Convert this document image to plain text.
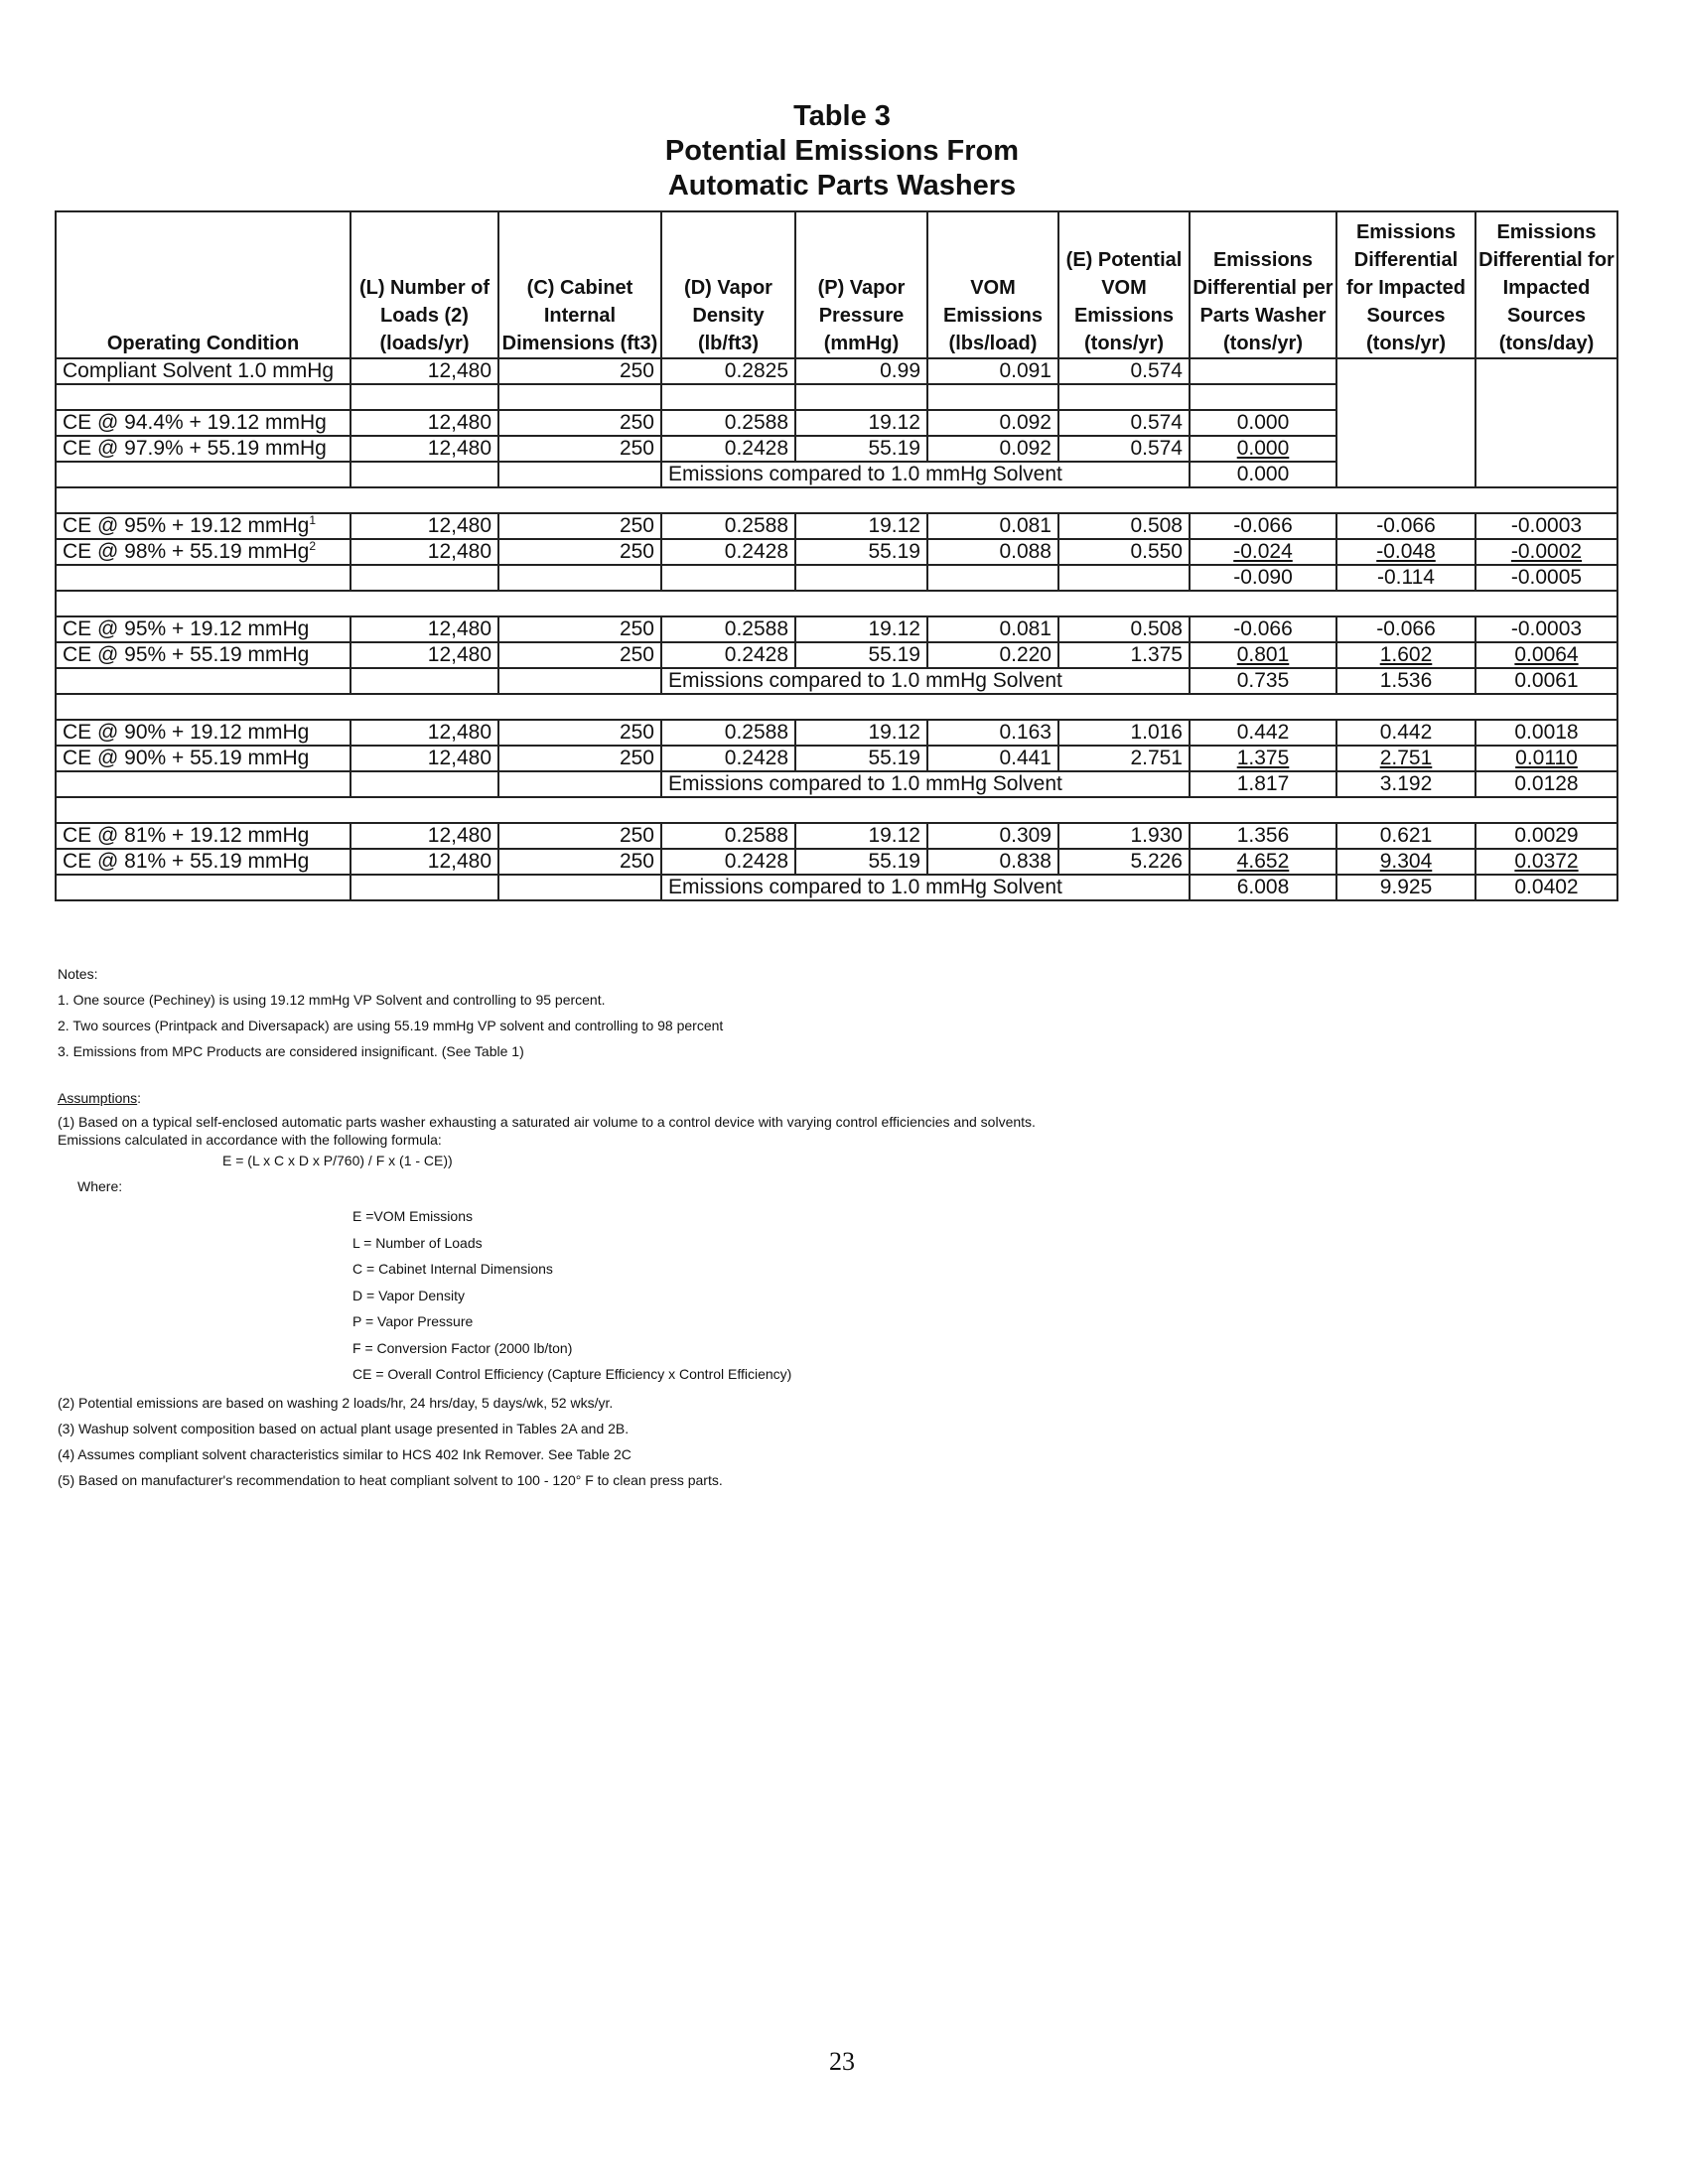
Table 3
Potential Emissions From
Automatic Parts Washers
Operating Condition	(L) Number of Loads (2) (loads/yr)	(C) Cabinet Internal Dimensions (ft3)	(D) Vapor Density (lb/ft3)	(P) Vapor Pressure (mmHg)	VOM Emissions (lbs/load)	(E) Potential VOM Emissions (tons/yr)	Emissions Differential per Parts Washer (tons/yr)	Emissions Differential for Impacted Sources (tons/yr)	Emissions Differential for Impacted Sources (tons/day)
Compliant Solvent 1.0 mmHg	12,480	250	0.2825	0.99	0.091	0.574			

CE @ 94.4% + 19.12 mmHg	12,480	250	0.2588	19.12	0.092	0.574	0.000		
CE @ 97.9% + 55.19 mmHg	12,480	250	0.2428	55.19	0.092	0.574	0.000		
			Emissions compared to 1.0 mmHg Solvent				0.000		

CE @ 95% + 19.12 mmHg$^1$	12,480	250	0.2588	19.12	0.081	0.508	-0.066	-0.066	-0.0003
CE @ 98% + 55.19 mmHg$^2$	12,480	250	0.2428	55.19	0.088	0.550	-0.024	-0.048	-0.0002
							-0.090	-0.114	-0.0005

CE @ 95% + 19.12 mmHg	12,480	250	0.2588	19.12	0.081	0.508	-0.066	-0.066	-0.0003
CE @ 95% + 55.19 mmHg	12,480	250	0.2428	55.19	0.220	1.375	0.801	1.602	0.0064
			Emissions compared to 1.0 mmHg Solvent				0.735	1.536	0.0061

CE @ 90% + 19.12 mmHg	12,480	250	0.2588	19.12	0.163	1.016	0.442	0.442	0.0018
CE @ 90% + 55.19 mmHg	12,480	250	0.2428	55.19	0.441	2.751	1.375	2.751	0.0110
			Emissions compared to 1.0 mmHg Solvent				1.817	3.192	0.0128

CE @ 81% + 19.12 mmHg	12,480	250	0.2588	19.12	0.309	1.930	1.356	0.621	0.0029
CE @ 81% + 55.19 mmHg	12,480	250	0.2428	55.19	0.838	5.226	4.652	9.304	0.0372
			Emissions compared to 1.0 mmHg Solvent				6.008	9.925	0.0402
Notes:
1. One source (Pechiney) is using 19.12 mmHg VP Solvent and controlling to 95 percent.
2. Two sources (Printpack and Diversapack) are using 55.19 mmHg VP solvent and controlling to 98 percent
3. Emissions from MPC Products are considered insignificant. (See Table 1)
Assumptions:
(1) Based on a typical self-enclosed automatic parts washer exhausting a saturated air volume to a control device with varying control efficiencies and solvents.
Emissions calculated in accordance with the following formula:
E = (L x C x D x P/760) / F x (1 - CE))
Where:
E =VOM Emissions
L = Number of Loads
C = Cabinet Internal Dimensions
D = Vapor Density
P = Vapor Pressure
F = Conversion Factor (2000 lb/ton)
CE = Overall Control Efficiency (Capture Efficiency x Control Efficiency)
(2) Potential emissions are based on washing 2 loads/hr, 24 hrs/day, 5 days/wk, 52 wks/yr.
(3) Washup solvent composition based on actual plant usage presented in Tables 2A and 2B.
(4) Assumes compliant solvent characteristics similar to HCS 402 Ink Remover. See Table 2C
(5) Based on manufacturer's recommendation to heat compliant solvent to 100 - 120° F to clean press parts.
23
